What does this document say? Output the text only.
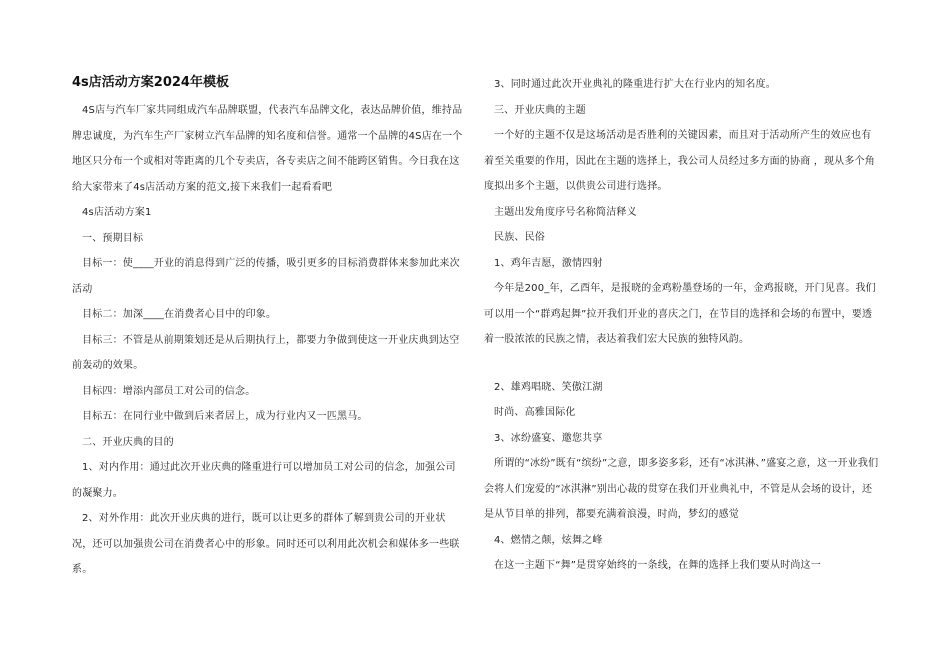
4s店活动方案2024年模板
4S店与汽车厂家共同组成汽车品牌联盟，代表汽车品牌文化，表达品牌价值，维持品牌忠诚度，为汽车生产厂家树立汽车品牌的知名度和信誉。通常一个品牌的4S店在一个地区只分布一个或相对等距离的几个专卖店，各专卖店之间不能跨区销售。今日我在这给大家带来了4s店活动方案的范文,接下来我们一起看看吧
4s店活动方案1
一、预期目标
目标一：使____开业的消息得到广泛的传播，吸引更多的目标消费群体来参加此来次活动
目标二：加深____在消费者心目中的印象。
目标三：不管是从前期策划还是从后期执行上，都要力争做到使这一开业庆典到达空前轰动的效果。
目标四：增添内部员工对公司的信念。
目标五：在同行业中做到后来者居上，成为行业内又一匹黑马。
二、开业庆典的目的
1、对内作用：通过此次开业庆典的隆重进行可以增加员工对公司的信念，加强公司的凝聚力。
2、对外作用：此次开业庆典的进行，既可以让更多的群体了解到贵公司的开业状况，还可以加强贵公司在消费者心中的形象。同时还可以利用此次机会和媒体多一些联系。
3、同时通过此次开业典礼的隆重进行扩大在行业内的知名度。
三、开业庆典的主题
一个好的主题不仅是这场活动是否胜利的关键因素，而且对于活动所产生的效应也有着至关重要的作用，因此在主题的选择上，我公司人员经过多方面的协商 ，现从多个角度拟出多个主题，以供贵公司进行选择。
主题出发角度序号名称简洁释义
民族、民俗
1、鸡年吉愿，激情四射
今年是200_年，乙酉年，是报晓的金鸡粉墨登场的一年，金鸡报晓，开门见喜。我们可以用一个“群鸡起舞”拉开我们开业的喜庆之门，在节目的选择和会场的布置中，要透着一股浓浓的民族之情，表达着我们宏大民族的独特风韵。
2、雄鸡唱晓、笑傲江湖
时尚、高雅国际化
3、冰纷盛宴、邀您共享
所谓的“冰纷”既有“缤纷”之意，即多姿多彩，还有“冰淇淋、”盛宴之意，这一开业我们会将人们宠爱的“冰淇淋”别出心裁的贯穿在我们开业典礼中，不管是从会场的设计，还是从节目单的排列，都要充满着浪漫，时尚，梦幻的感觉
4、燃情之颠，炫舞之峰
在这一主题下“舞”是贯穿始终的一条线，在舞的选择上我们要从时尚这一
